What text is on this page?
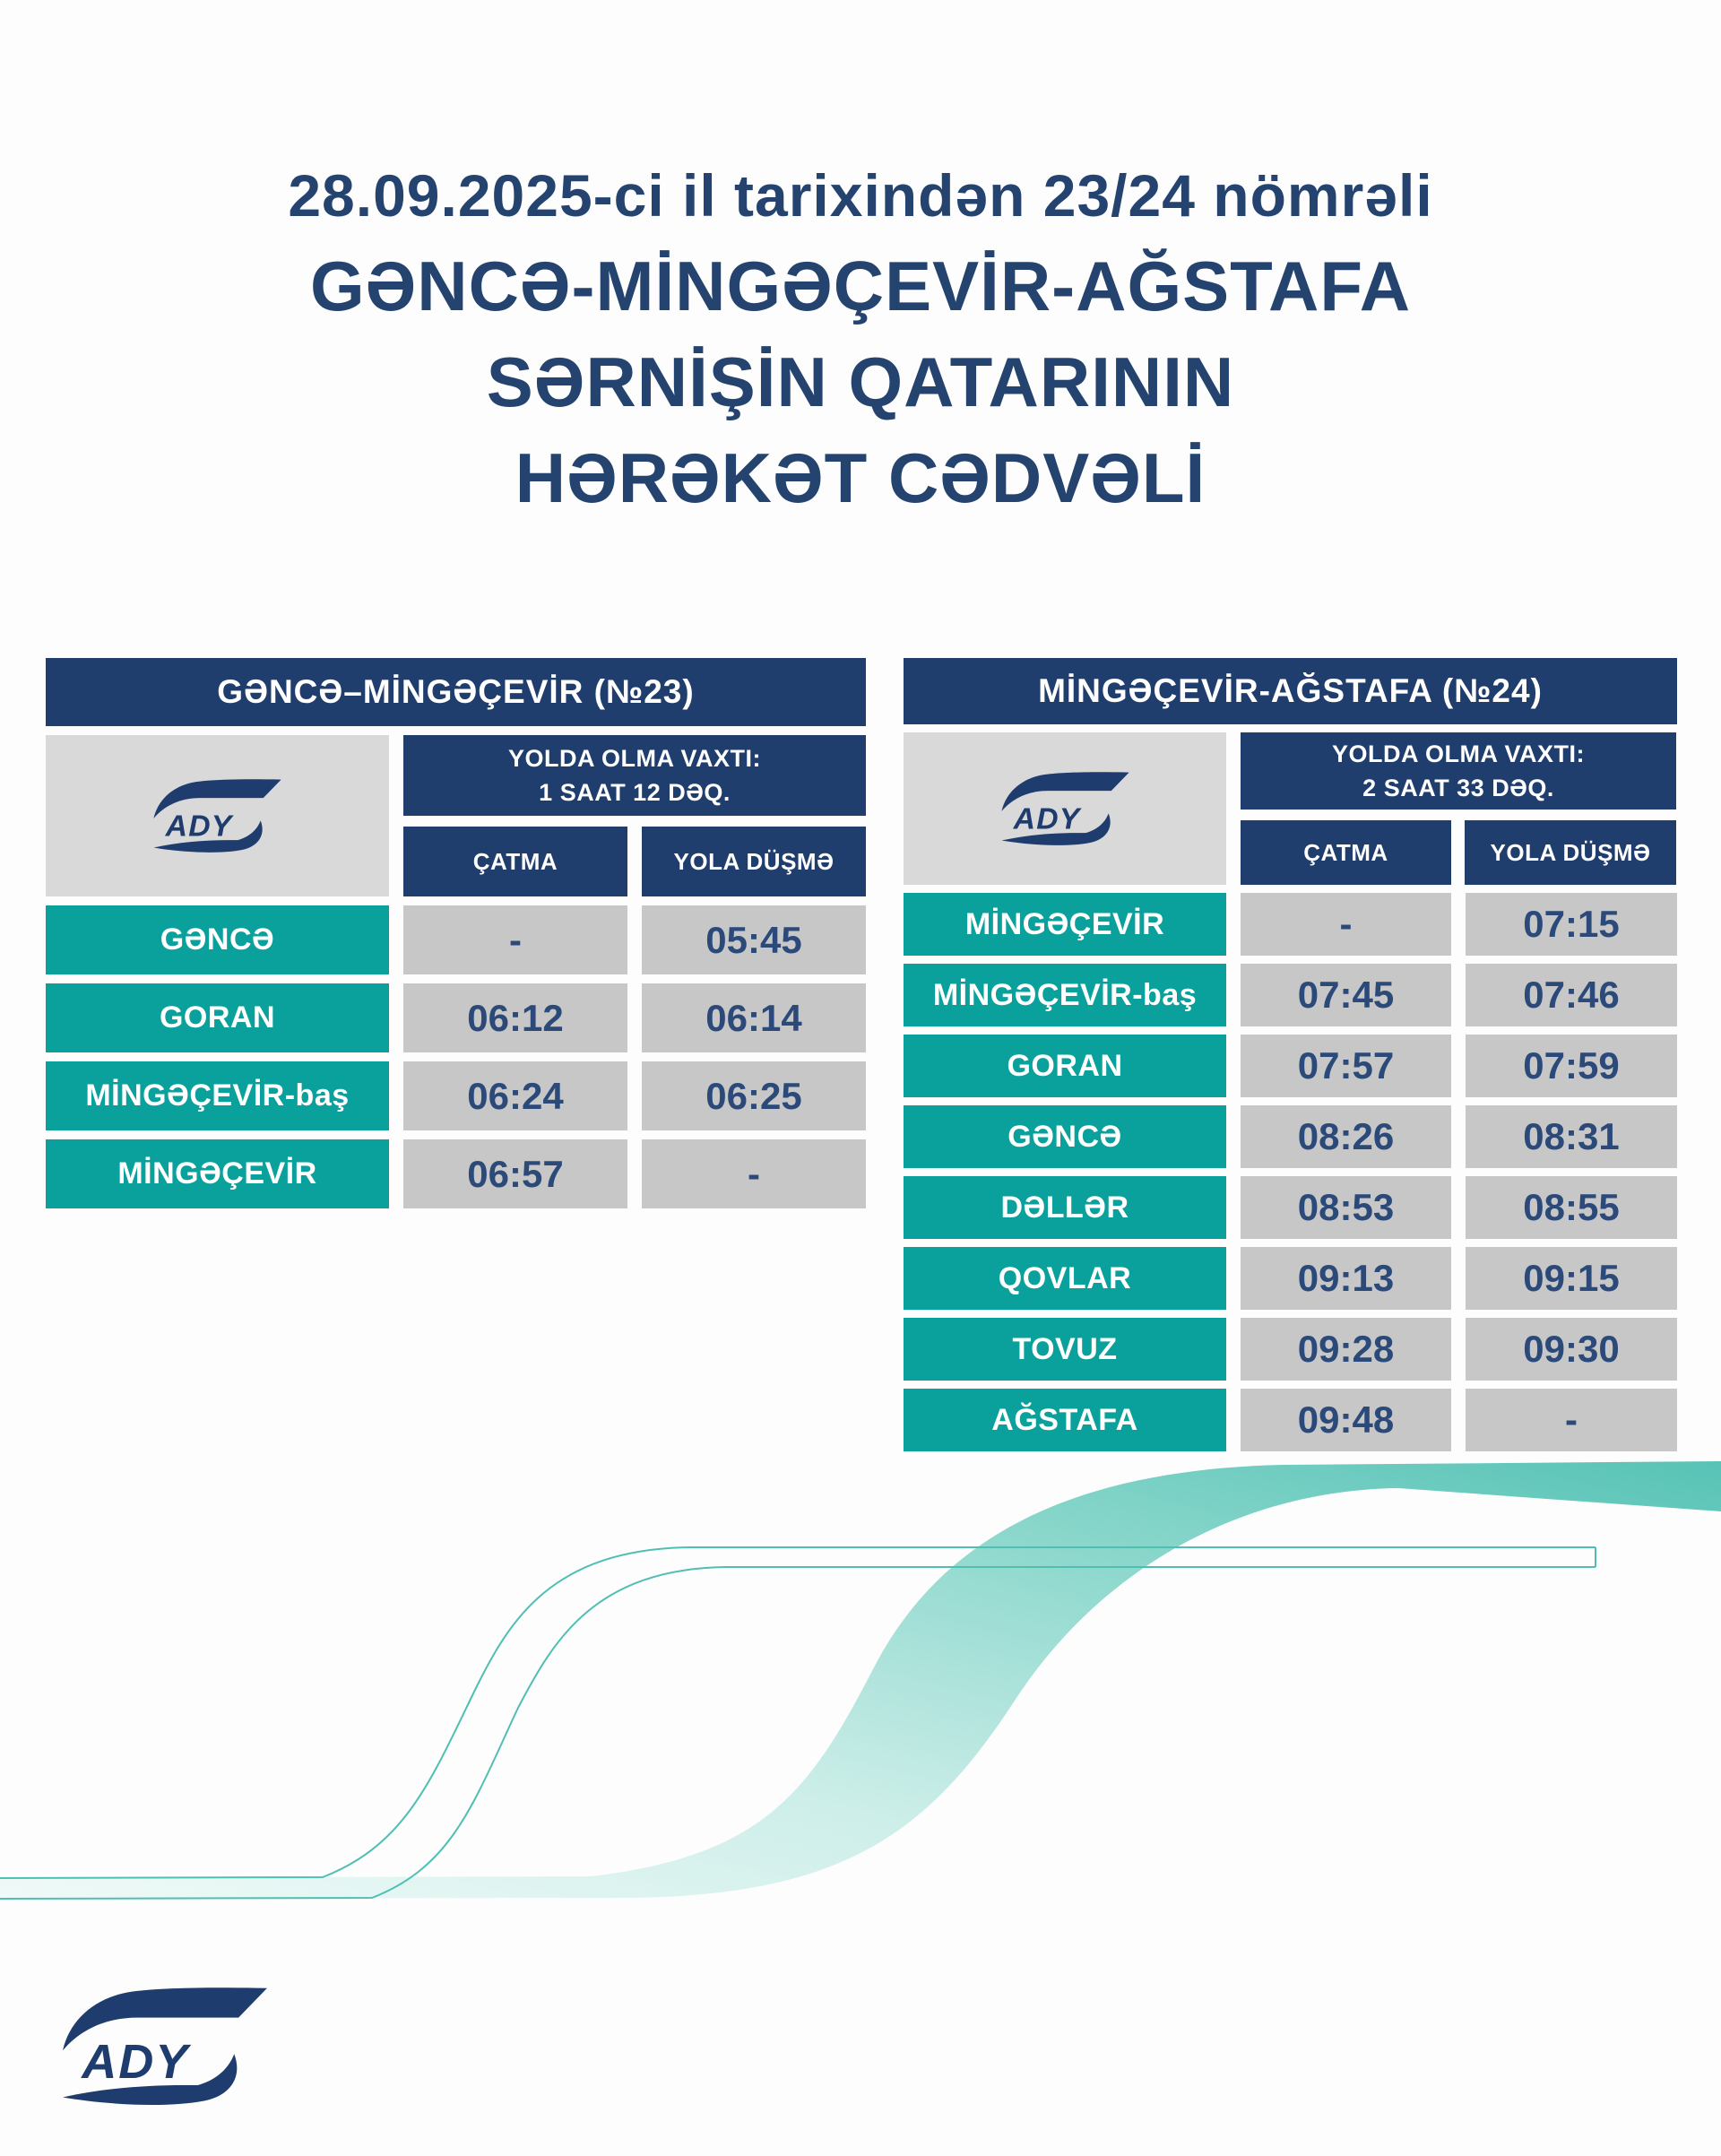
28.09.2025-ci il tarixindən 23/24 nömrəli
GƏNCƏ-MİNGƏÇEVİR-AĞSTAFA
SƏRNİŞİN QATARININ
HƏRƏKƏT CƏDVƏLİ
GƏNCƏ–MİNGƏÇEVİR (№23)
YOLDA OLMA VAXTI:
1 SAAT 12 DƏQ.
ÇATMA	YOLA DÜŞMƏ
GƏNCƏ	-	05:45
GORAN	06:12	06:14
MİNGƏÇEVİR-baş	06:24	06:25
MİNGƏÇEVİR	06:57	-
MİNGƏÇEVİR-AĞSTAFA (№24)
YOLDA OLMA VAXTI:
2 SAAT 33 DƏQ.
ÇATMA	YOLA DÜŞMƏ
MİNGƏÇEVİR	-	07:15
MİNGƏÇEVİR-baş	07:45	07:46
GORAN	07:57	07:59
GƏNCƏ	08:26	08:31
DƏLLƏR	08:53	08:55
QOVLAR	09:13	09:15
TOVUZ	09:28	09:30
AĞSTAFA	09:48	-
